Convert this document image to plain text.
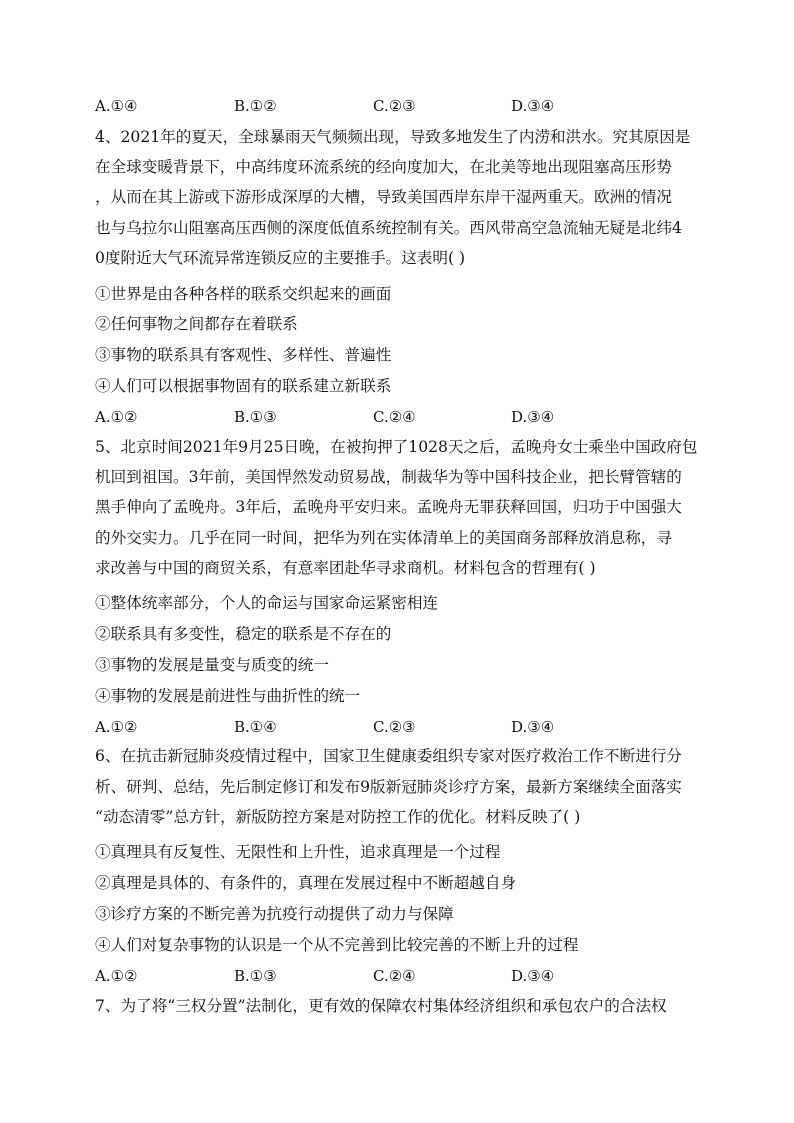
A.①④	B.①②	C.②③	D.③④
4、2021年的夏天，全球暴雨天气频频出现，导致多地发生了内涝和洪水。究其原因是
在全球变暖背景下，中高纬度环流系统的经向度加大，在北美等地出现阻塞高压形势
，从而在其上游或下游形成深厚的大槽，导致美国西岸东岸干湿两重天。欧洲的情况
也与乌拉尔山阻塞高压西侧的深度低值系统控制有关。西风带高空急流轴无疑是北纬4
0度附近大气环流异常连锁反应的主要推手。这表明( )
①世界是由各种各样的联系交织起来的画面
②任何事物之间都存在着联系
③事物的联系具有客观性、多样性、普遍性
④人们可以根据事物固有的联系建立新联系
A.①②	B.①③	C.②④	D.③④
5、北京时间2021年9月25日晚，在被拘押了1028天之后，孟晚舟女士乘坐中国政府包
机回到祖国。3年前，美国悍然发动贸易战，制裁华为等中国科技企业，把长臂管辖的
黑手伸向了孟晚舟。3年后，孟晚舟平安归来。孟晚舟无罪获释回国，归功于中国强大
的外交实力。几乎在同一时间，把华为列在实体清单上的美国商务部释放消息称，寻
求改善与中国的商贸关系，有意率团赴华寻求商机。材料包含的哲理有( )
①整体统率部分，个人的命运与国家命运紧密相连
②联系具有多变性，稳定的联系是不存在的
③事物的发展是量变与质变的统一
④事物的发展是前进性与曲折性的统一
A.①②	B.①④	C.②③	D.③④
6、在抗击新冠肺炎疫情过程中，国家卫生健康委组织专家对医疗救治工作不断进行分
析、研判、总结，先后制定修订和发布9版新冠肺炎诊疗方案，最新方案继续全面落实
“动态清零”总方针，新版防控方案是对防控工作的优化。材料反映了( )
①真理具有反复性、无限性和上升性，追求真理是一个过程
②真理是具体的、有条件的，真理在发展过程中不断超越自身
③诊疗方案的不断完善为抗疫行动提供了动力与保障
④人们对复杂事物的认识是一个从不完善到比较完善的不断上升的过程
A.①②	B.①③	C.②④	D.③④
7、为了将“三权分置”法制化，更有效的保障农村集体经济组织和承包农户的合法权
